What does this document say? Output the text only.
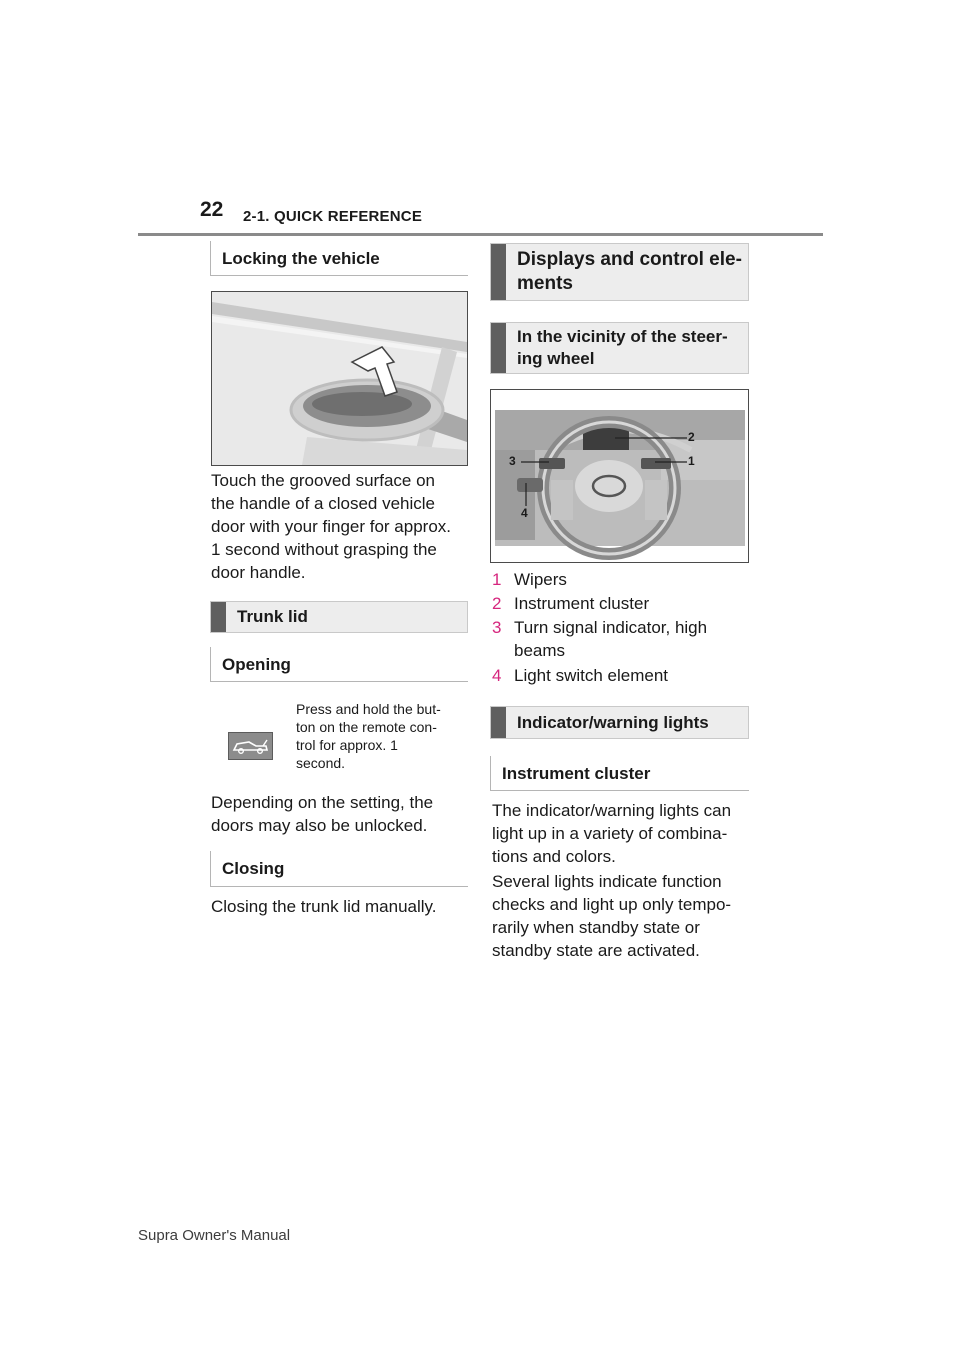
22 2-1. QUICK REFERENCE
Locking the vehicle
Touch the grooved surface on
the handle of a closed vehicle
door with your finger for approx.
1 second without grasping the
door handle.
Trunk lid
Opening
Press and hold the but-
ton on the remote con-
trol for approx. 1
second.
Depending on the setting, the
doors may also be unlocked.
Closing
Closing the trunk lid manually.
Displays and control ele-
ments
In the vicinity of the steer-
ing wheel
2
3	1
4
1 Wipers
2 Instrument cluster
3 Turn signal indicator, high
beams
4 Light switch element
Indicator/warning lights
Instrument cluster
The indicator/warning lights can
light up in a variety of combina-
tions and colors.
Several lights indicate function
checks and light up only tempo-
rarily when standby state or
standby state are activated.
Supra Owner's Manual
